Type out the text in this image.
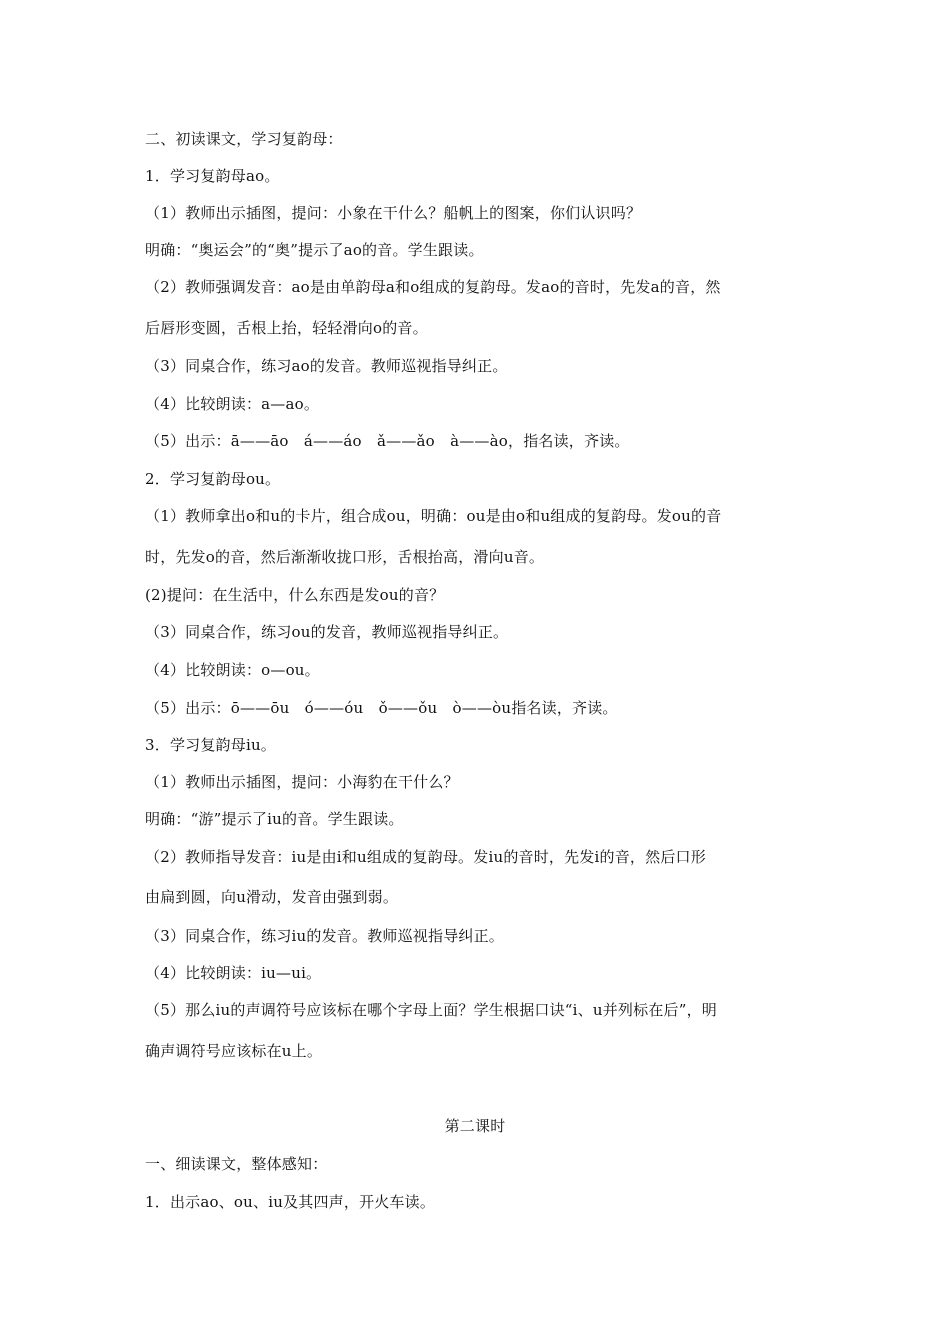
二、初读课文，学习复韵母：
1．学习复韵母ao。
（1）教师出示插图，提问：小象在干什么？船帆上的图案，你们认识吗？
明确：“奥运会”的“奥”提示了ao的音。学生跟读。
（2）教师强调发音：ao是由单韵母a和o组成的复韵母。发ao的音时，先发a的音，然
后唇形变圆，舌根上抬，轻轻滑向o的音。
（3）同桌合作，练习ao的发音。教师巡视指导纠正。
（4）比较朗读：a—ao。
（5）出示：ā——āo　á——áo　ǎ——ǎo　à——ào，指名读，齐读。
2．学习复韵母ou。
（1）教师拿出o和u的卡片，组合成ou，明确：ou是由o和u组成的复韵母。发ou的音
时，先发o的音，然后渐渐收拢口形，舌根抬高，滑向u音。
(2)提问：在生活中，什么东西是发ou的音？
（3）同桌合作，练习ou的发音，教师巡视指导纠正。
（4）比较朗读：o—ou。
（5）出示：ō——ōu　ó——óu　ǒ——ǒu　ò——òu指名读，齐读。
3．学习复韵母iu。
（1）教师出示插图，提问：小海豹在干什么？
明确：“游”提示了iu的音。学生跟读。
（2）教师指导发音：iu是由i和u组成的复韵母。发iu的音时，先发i的音，然后口形
由扁到圆，向u滑动，发音由强到弱。
（3）同桌合作，练习iu的发音。教师巡视指导纠正。
（4）比较朗读：iu—ui。
（5）那么iu的声调符号应该标在哪个字母上面？学生根据口诀“i、u并列标在后”，明
确声调符号应该标在u上。
第二课时
一、细读课文，整体感知：
1．出示ao、ou、iu及其四声，开火车读。
